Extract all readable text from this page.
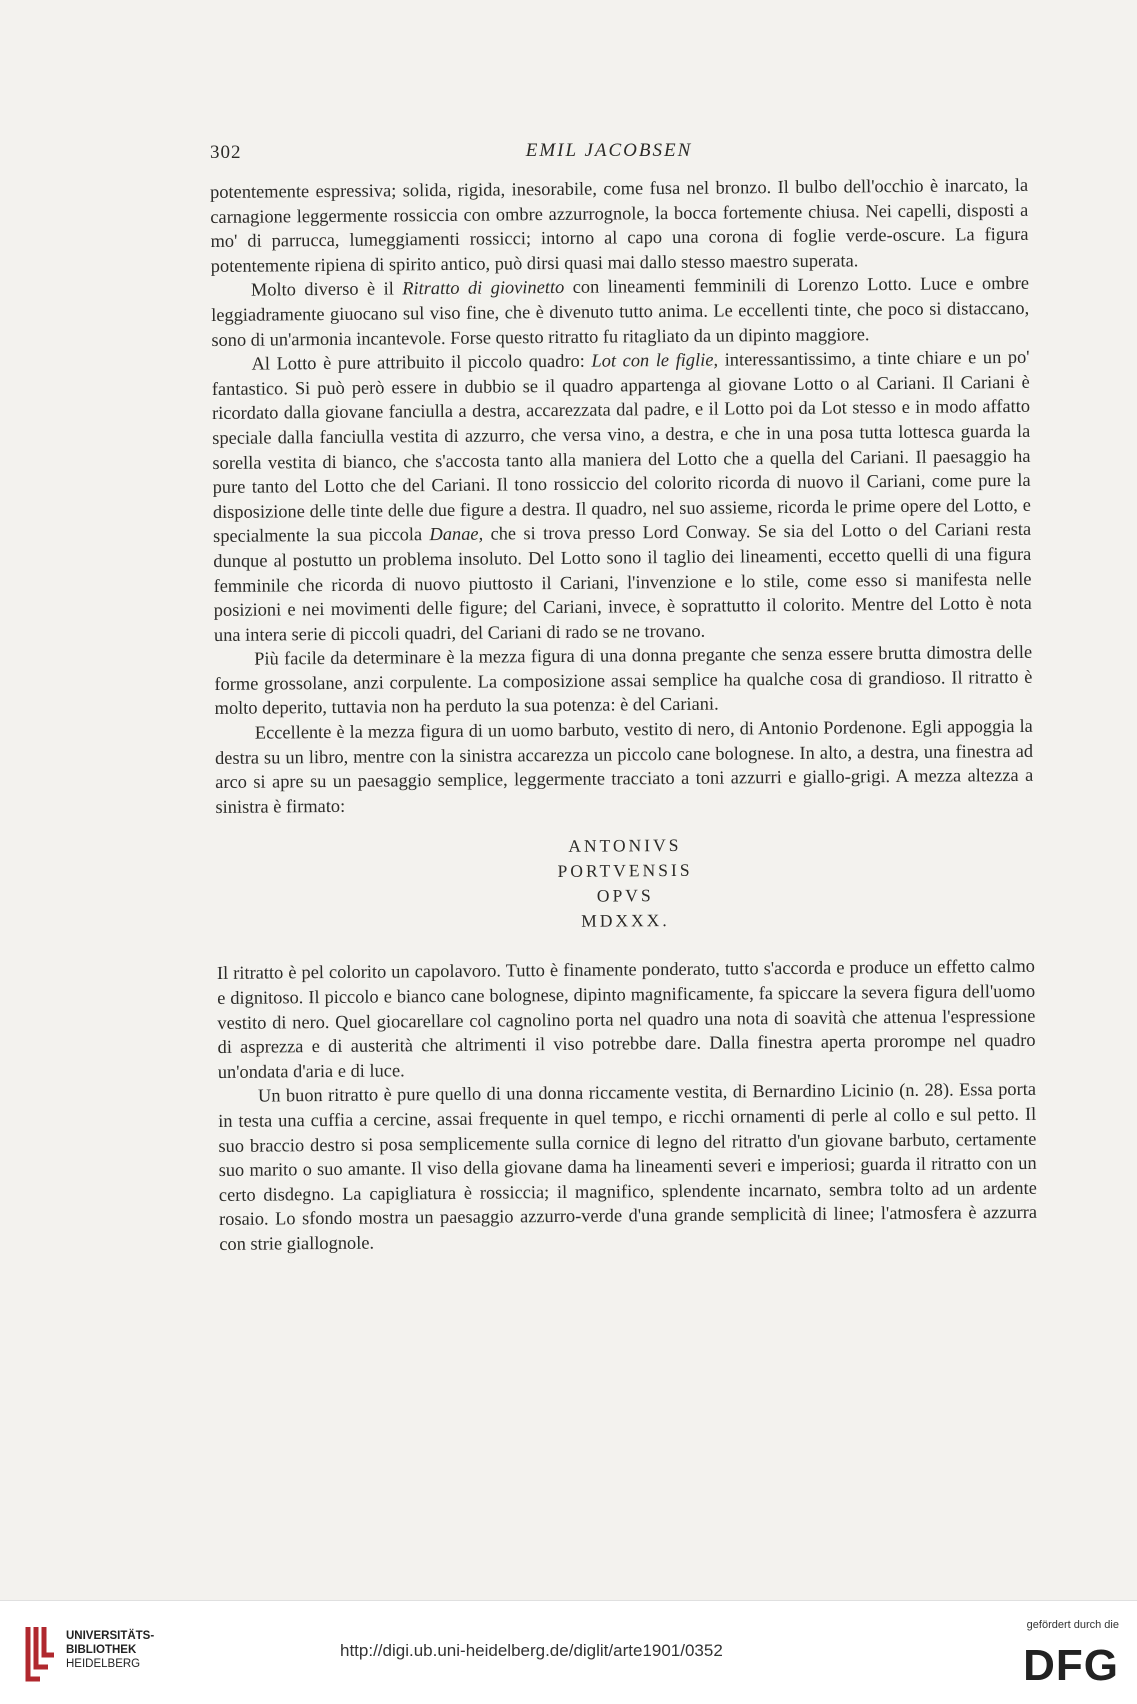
302	EMIL JACOBSEN

potentemente espressiva; solida, rigida, inesorabile, come fusa nel bronzo. Il bulbo dell'occhio è inarcato, la carnagione leggermente rossiccia con ombre azzurrognole, la bocca fortemente chiusa. Nei capelli, disposti a mo' di parrucca, lumeggiamenti rossicci; intorno al capo una corona di foglie verde-oscure. La figura potentemente ripiena di spirito antico, può dirsi quasi mai dallo stesso maestro superata.

Molto diverso è il Ritratto di giovinetto con lineamenti femminili di Lorenzo Lotto. Luce e ombre leggiadramente giuocano sul viso fine, che è divenuto tutto anima. Le eccellenti tinte, che poco si distaccano, sono di un'armonia incantevole. Forse questo ritratto fu ritagliato da un dipinto maggiore.

Al Lotto è pure attribuito il piccolo quadro: Lot con le figlie, interessantissimo, a tinte chiare e un po' fantastico. Si può però essere in dubbio se il quadro appartenga al giovane Lotto o al Cariani. Il Cariani è ricordato dalla giovane fanciulla a destra, accarezzata dal padre, e il Lotto poi da Lot stesso e in modo affatto speciale dalla fanciulla vestita di azzurro, che versa vino, a destra, e che in una posa tutta lottesca guarda la sorella vestita di bianco, che s'accosta tanto alla maniera del Lotto che a quella del Cariani. Il paesaggio ha pure tanto del Lotto che del Cariani. Il tono rossiccio del colorito ricorda di nuovo il Cariani, come pure la disposizione delle tinte delle due figure a destra. Il quadro, nel suo assieme, ricorda le prime opere del Lotto, e specialmente la sua piccola Danae, che si trova presso Lord Conway. Se sia del Lotto o del Cariani resta dunque al postutto un problema insoluto. Del Lotto sono il taglio dei lineamenti, eccetto quelli di una figura femminile che ricorda di nuovo piuttosto il Cariani, l'invenzione e lo stile, come esso si manifesta nelle posizioni e nei movimenti delle figure; del Cariani, invece, è soprattutto il colorito. Mentre del Lotto è nota una intera serie di piccoli quadri, del Cariani di rado se ne trovano.

Più facile da determinare è la mezza figura di una donna pregante che senza essere brutta dimostra delle forme grossolane, anzi corpulente. La composizione assai semplice ha qualche cosa di grandioso. Il ritratto è molto deperito, tuttavia non ha perduto la sua potenza: è del Cariani.

Eccellente è la mezza figura di un uomo barbuto, vestito di nero, di Antonio Pordenone. Egli appoggia la destra su un libro, mentre con la sinistra accarezza un piccolo cane bolognese. In alto, a destra, una finestra ad arco si apre su un paesaggio semplice, leggermente tracciato a toni azzurri e giallo-grigi. A mezza altezza a sinistra è firmato:

ANTONIVS
PORTVENSIS
OPVS
MDXXX.

Il ritratto è pel colorito un capolavoro. Tutto è finamente ponderato, tutto s'accorda e produce un effetto calmo e dignitoso. Il piccolo e bianco cane bolognese, dipinto magnificamente, fa spiccare la severa figura dell'uomo vestito di nero. Quel giocarellare col cagnolino porta nel quadro una nota di soavità che attenua l'espressione di asprezza e di austerità che altrimenti il viso potrebbe dare. Dalla finestra aperta prorompe nel quadro un'ondata d'aria e di luce.

Un buon ritratto è pure quello di una donna riccamente vestita, di Bernardino Licinio (n. 28). Essa porta in testa una cuffia a cercine, assai frequente in quel tempo, e ricchi ornamenti di perle al collo e sul petto. Il suo braccio destro si posa semplicemente sulla cornice di legno del ritratto d'un giovane barbuto, certamente suo marito o suo amante. Il viso della giovane dama ha lineamenti severi e imperiosi; guarda il ritratto con un certo disdegno. La capigliatura è rossiccia; il magnifico, splendente incarnato, sembra tolto ad un ardente rosaio. Lo sfondo mostra un paesaggio azzurro-verde d'una grande semplicità di linee; l'atmosfera è azzurra con strie giallognole.

UNIVERSITÄTS-
BIBLIOTHEK
HEIDELBERG
http://digi.ub.uni-heidelberg.de/diglit/arte1901/0352
gefördert durch die
DFG
